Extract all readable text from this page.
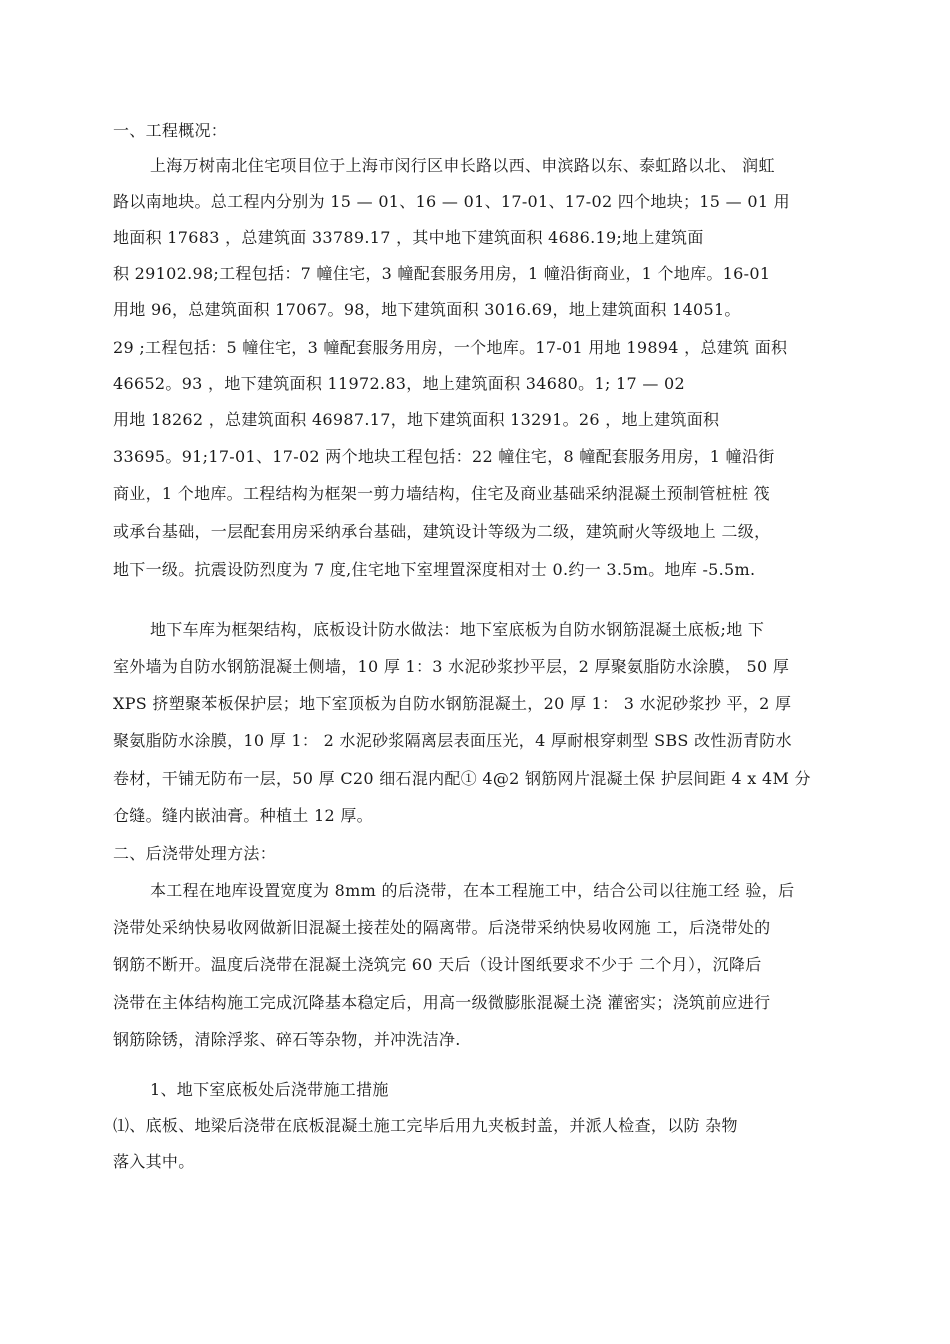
一、工程概况：
上海万树南北住宅项目位于上海市闵行区申长路以西、申滨路以东、泰虹路以北、 润虹
路以南地块。总工程内分别为 15 — 01、16 — 01、17-01、17-02 四个地块；15 — 01 用
地面积 17683 ，总建筑面 33789.17 ，其中地下建筑面积 4686.19;地上建筑面
积 29102.98;工程包括：7 幢住宅，3 幢配套服务用房，1 幢沿街商业，1 个地库。16-01
用地 96，总建筑面积 17067。98，地下建筑面积 3016.69，地上建筑面积 14051。
29 ;工程包括：5 幢住宅，3 幢配套服务用房，一个地库。17-01 用地 19894 ，总建筑 面积
46652。93 ，地下建筑面积 11972.83，地上建筑面积 34680。1; 17 — 02
用地 18262 ，总建筑面积 46987.17，地下建筑面积 13291。26 ，地上建筑面积
33695。91;17-01、17-02 两个地块工程包括：22 幢住宅，8 幢配套服务用房，1 幢沿街
商业，1 个地库。工程结构为框架一剪力墙结构，住宅及商业基础采纳混凝土预制管桩桩 筏
或承台基础，一层配套用房采纳承台基础，建筑设计等级为二级，建筑耐火等级地上 二级，
地下一级。抗震设防烈度为 7 度,住宅地下室埋置深度相对士 0.约一 3.5m。地库 -5.5m.
地下车库为框架结构，底板设计防水做法：地下室底板为自防水钢筋混凝土底板;地 下
室外墙为自防水钢筋混凝土侧墙，10 厚 1：3 水泥砂浆抄平层，2 厚聚氨脂防水涂膜， 50 厚
XPS 挤塑聚苯板保护层；地下室顶板为自防水钢筋混凝土，20 厚 1： 3 水泥砂浆抄 平，2 厚
聚氨脂防水涂膜，10 厚 1： 2 水泥砂浆隔离层表面压光，4 厚耐根穿刺型 SBS 改性沥青防水
卷材，干铺无防布一层，50 厚 C20 细石混内配① 4@2 钢筋网片混凝土保 护层间距 4 x 4M 分
仓缝。缝内嵌油膏。种植土 12 厚。
二、后浇带处理方法：
本工程在地库设置宽度为 8mm 的后浇带，在本工程施工中，结合公司以往施工经 验，后
浇带处采纳快易收网做新旧混凝土接茬处的隔离带。后浇带采纳快易收网施 工，后浇带处的
钢筋不断开。温度后浇带在混凝土浇筑完 60 天后（设计图纸要求不少于 二个月），沉降后
浇带在主体结构施工完成沉降基本稳定后，用高一级微膨胀混凝土浇 灌密实；浇筑前应进行
钢筋除锈，清除浮浆、碎石等杂物，并冲洗洁净.
1、地下室底板处后浇带施工措施
⑴、底板、地梁后浇带在底板混凝土施工完毕后用九夹板封盖，并派人检查，以防 杂物
落入其中。
